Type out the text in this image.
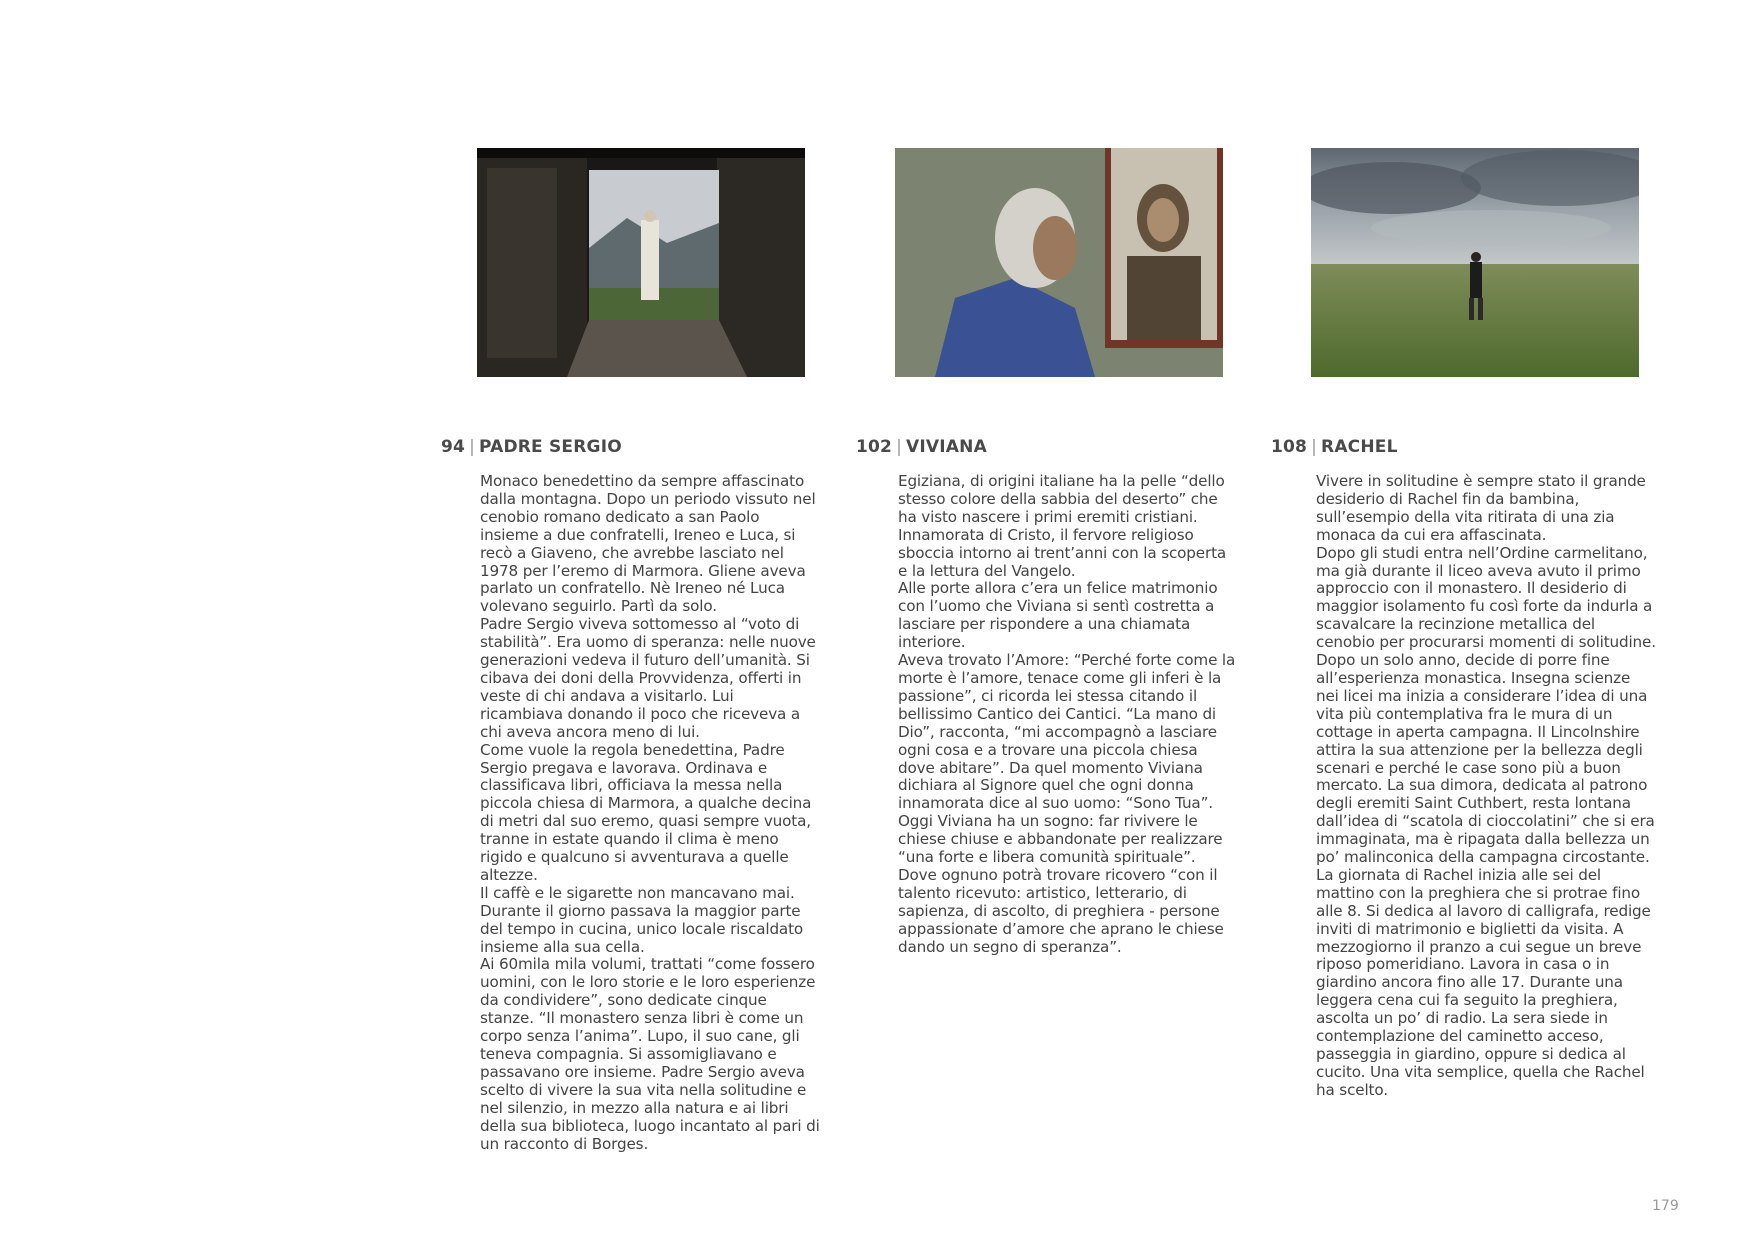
94 | PADRE SERGIO	102 | VIVIANA	108 | RACHEL

Monaco benedettino da sempre affascinato dalla montagna. Dopo un periodo vissuto nel cenobio romano dedicato a san Paolo insieme a due confratelli, Ireneo e Luca, si recò a Giaveno, che avrebbe lasciato nel 1978 per l’eremo di Marmora. Gliene aveva parlato un confratello. Nè Ireneo né Luca volevano seguirlo. Partì da solo.

Padre Sergio viveva sottomesso al “voto di stabilità”. Era uomo di speranza: nelle nuove generazioni vedeva il futuro dell’umanità. Si cibava dei doni della Provvidenza, offerti in veste di chi andava a visitarlo. Lui ricambiava donando il poco che riceveva a chi aveva ancora meno di lui.

Come vuole la regola benedettina, Padre Sergio pregava e lavorava. Ordinava e classificava libri, officiava la messa nella piccola chiesa di Marmora, a qualche decina di metri dal suo eremo, quasi sempre vuota, tranne in estate quando il clima è meno rigido e qualcuno si avventurava a quelle altezze.

Il caffè e le sigarette non mancavano mai. Durante il giorno passava la maggior parte del tempo in cucina, unico locale riscaldato insieme alla sua cella.

Ai 60mila mila volumi, trattati “come fossero uomini, con le loro storie e le loro esperienze da condividere”, sono dedicate cinque stanze. “Il monastero senza libri è come un corpo senza l’anima”. Lupo, il suo cane, gli teneva compagnia. Si assomigliavano e passavano ore insieme. Padre Sergio aveva scelto di vivere la sua vita nella solitudine e nel silenzio, in mezzo alla natura e ai libri della sua biblioteca, luogo incantato al pari di un racconto di Borges.

Egiziana, di origini italiane ha la pelle “dello stesso colore della sabbia del deserto” che ha visto nascere i primi eremiti cristiani. Innamorata di Cristo, il fervore religioso sboccia intorno ai trent’anni con la scoperta e la lettura del Vangelo.

Alle porte allora c’era un felice matrimonio con l’uomo che Viviana si sentì costretta a lasciare per rispondere a una chiamata interiore.

Aveva trovato l’Amore: “Perché forte come la morte è l’amore, tenace come gli inferi è la passione”, ci ricorda lei stessa citando il bellissimo Cantico dei Cantici. “La mano di Dio”, racconta, “mi accompagnò a lasciare ogni cosa e a trovare una piccola chiesa dove abitare”. Da quel momento Viviana dichiara al Signore quel che ogni donna innamorata dice al suo uomo: “Sono Tua”.

Oggi Viviana ha un sogno: far rivivere le chiese chiuse e abbandonate per realizzare “una forte e libera comunità spirituale”. Dove ognuno potrà trovare ricovero “con il talento ricevuto: artistico, letterario, di sapienza, di ascolto, di preghiera - persone appassionate d’amore che aprano le chiese dando un segno di speranza”.

Vivere in solitudine è sempre stato il grande desiderio di Rachel fin da bambina, sull’esempio della vita ritirata di una zia monaca da cui era affascinata.

Dopo gli studi entra nell’Ordine carmelitano, ma già durante il liceo aveva avuto il primo approccio con il monastero. Il desiderio di maggior isolamento fu così forte da indurla a scavalcare la recinzione metallica del cenobio per procurarsi momenti di solitudine. Dopo un solo anno, decide di porre fine all’esperienza monastica. Insegna scienze nei licei ma inizia a considerare l’idea di una vita più contemplativa fra le mura di un cottage in aperta campagna. Il Lincolnshire attira la sua attenzione per la bellezza degli scenari e perché le case sono più a buon mercato. La sua dimora, dedicata al patrono degli eremiti Saint Cuthbert, resta lontana dall’idea di “scatola di cioccolatini” che si era immaginata, ma è ripagata dalla bellezza un po’ malinconica della campagna circostante. La giornata di Rachel inizia alle sei del mattino con la preghiera che si protrae fino alle 8. Si dedica al lavoro di calligrafa, redige inviti di matrimonio e biglietti da visita. A mezzogiorno il pranzo a cui segue un breve riposo pomeridiano. Lavora in casa o in giardino ancora fino alle 17. Durante una leggera cena cui fa seguito la preghiera, ascolta un po’ di radio. La sera siede in contemplazione del caminetto acceso, passeggia in giardino, oppure si dedica al cucito. Una vita semplice, quella che Rachel ha scelto.

179
